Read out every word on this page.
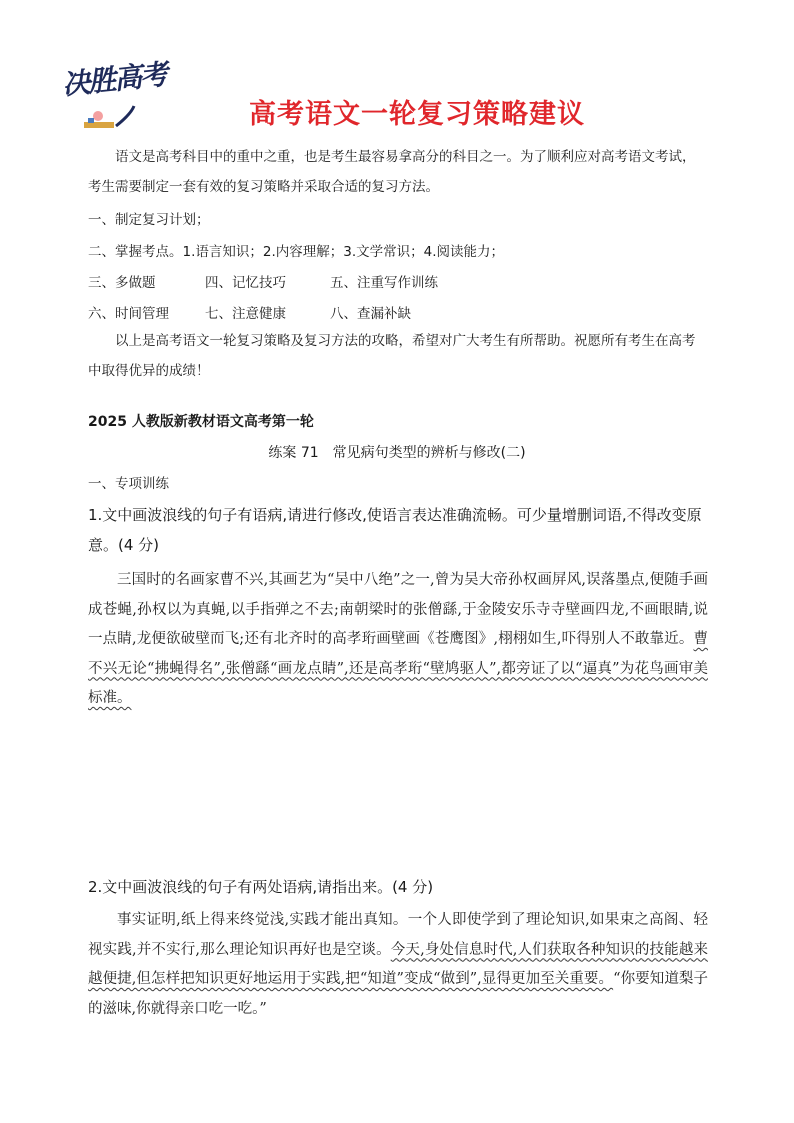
决胜高考
高考语文一轮复习策略建议
语文是高考科目中的重中之重，也是考生最容易拿高分的科目之一。为了顺利应对高考语文考试，考生需要制定一套有效的复习策略并采取合适的复习方法。
一、制定复习计划；
二、掌握考点。1.语言知识；2.内容理解；3.文学常识；4.阅读能力；
三、多做题	四、记忆技巧	五、注重写作训练
六、时间管理	七、注意健康	八、查漏补缺
以上是高考语文一轮复习策略及复习方法的攻略，希望对广大考生有所帮助。祝愿所有考生在高考中取得优异的成绩！
2025 人教版新教材语文高考第一轮
练案 71　常见病句类型的辨析与修改(二)
一、专项训练
1.文中画波浪线的句子有语病,请进行修改,使语言表达准确流畅。可少量增删词语,不得改变原意。(4 分)
三国时的名画家曹不兴,其画艺为“吴中八绝”之一,曾为吴大帝孙权画屏风,误落墨点,便随手画成苍蝇,孙权以为真蝇,以手指弹之不去;南朝梁时的张僧繇,于金陵安乐寺寺壁画四龙,不画眼睛,说一点睛,龙便欲破壁而飞;还有北齐时的高孝珩画壁画《苍鹰图》,栩栩如生,吓得别人不敢靠近。曹不兴无论“拂蝇得名”,张僧繇“画龙点睛”,还是高孝珩“壁鸠驱人”,都旁证了以“逼真”为花鸟画审美标准。
2.文中画波浪线的句子有两处语病,请指出来。(4 分)
事实证明,纸上得来终觉浅,实践才能出真知。一个人即使学到了理论知识,如果束之高阁、轻视实践,并不实行,那么理论知识再好也是空谈。今天,身处信息时代,人们获取各种知识的技能越来越便捷,但怎样把知识更好地运用于实践,把“知道”变成“做到”,显得更加至关重要。“你要知道梨子的滋味,你就得亲口吃一吃。”
